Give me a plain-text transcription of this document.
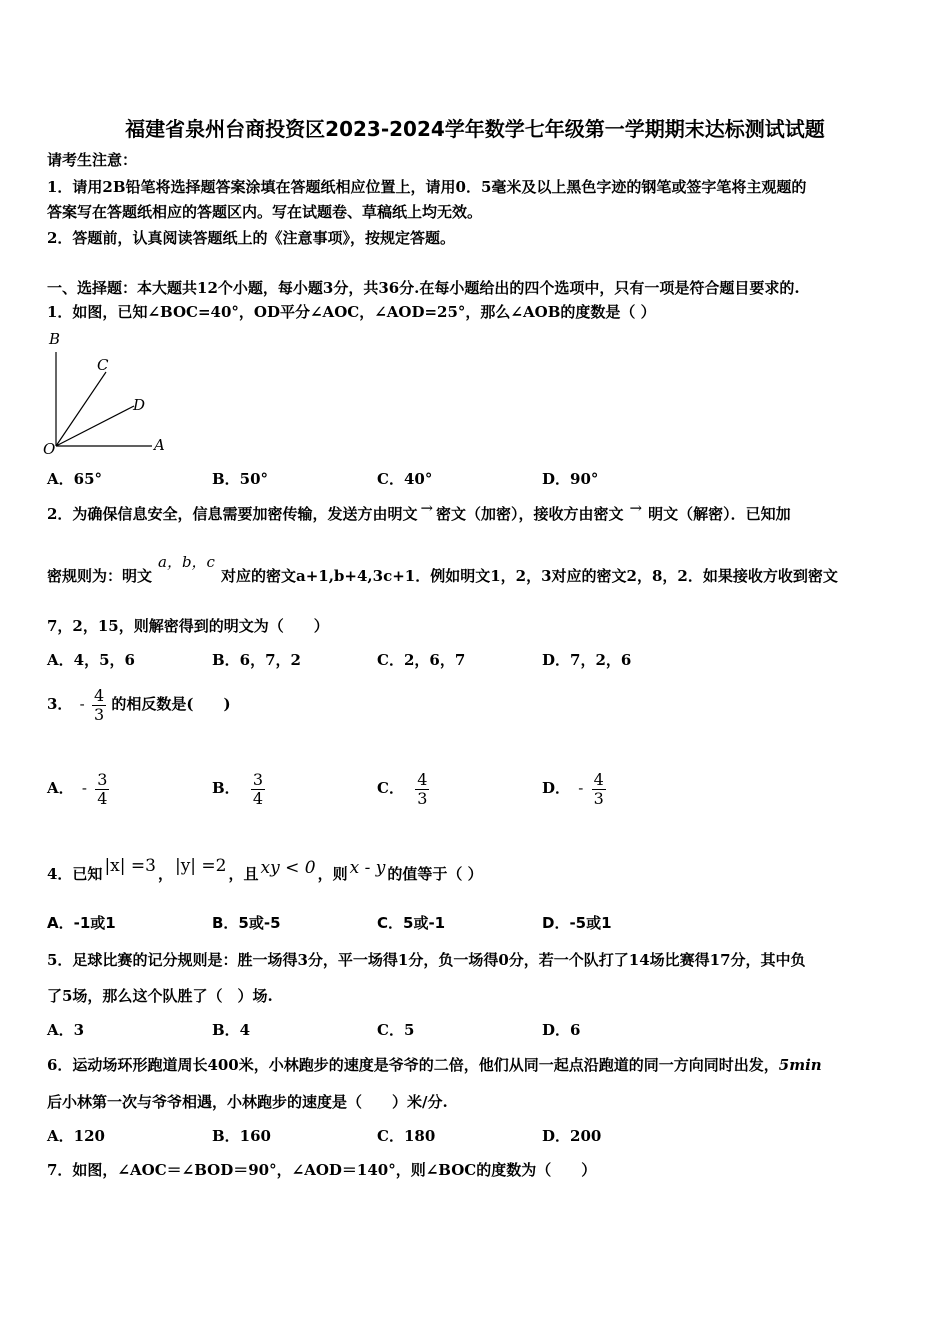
福建省泉州台商投资区2023-2024学年数学七年级第一学期期末达标测试试题
请考生注意：
1．请用2B铅笔将选择题答案涂填在答题纸相应位置上，请用0．5毫米及以上黑色字迹的钢笔或签字笔将主观题的
答案写在答题纸相应的答题区内。写在试题卷、草稿纸上均无效。
2．答题前，认真阅读答题纸上的《注意事项》，按规定答题。
一、选择题：本大题共12个小题，每小题3分，共36分.在每小题给出的四个选项中，只有一项是符合题目要求的.
1．如图，已知∠BOC=40°，OD平分∠AOC，∠AOD=25°，那么∠AOB的度数是（ ）
B
C
D
O	A
A．65°	B．50°	C．40°	D．90°
2．为确保信息安全，信息需要加密传输，发送方由明文 → 密文（加密），接收方由密文 → 明文（解密）．已知加
密规则为：明文a，b，c对应的密文a+1,b+4,3c+1．例如明文1，2，3对应的密文2，8，2．如果接收方收到密文
7，2，15，则解密得到的明文为（　　）
A．4，5，6	B．6，7，2	C．2，6，7	D．7，2，6
3． - $\frac{4}{3}$ 的相反数是(　　)
A． - $\frac{3}{4}$	B． $\frac{3}{4}$	C． $\frac{4}{3}$	D． - $\frac{4}{3}$
4．已知 |x| =3 ， |y| =2 ，且 xy < 0 ，则 x - y 的值等于（ ）
A．-1或1	B．5或-5	C．5或-1	D．-5或1
5．足球比赛的记分规则是：胜一场得3分，平一场得1分，负一场得0分，若一个队打了14场比赛得17分，其中负
了5场，那么这个队胜了（　）场.
A．3	B．4	C．5	D．6
6．运动场环形跑道周长400米，小林跑步的速度是爷爷的二倍，他们从同一起点沿跑道的同一方向同时出发，5min
后小林第一次与爷爷相遇，小林跑步的速度是（　　）米/分.
A．120	B．160	C．180	D．200
7．如图，∠AOC＝∠BOD＝90°，∠AOD＝140°，则∠BOC的度数为（　　）
